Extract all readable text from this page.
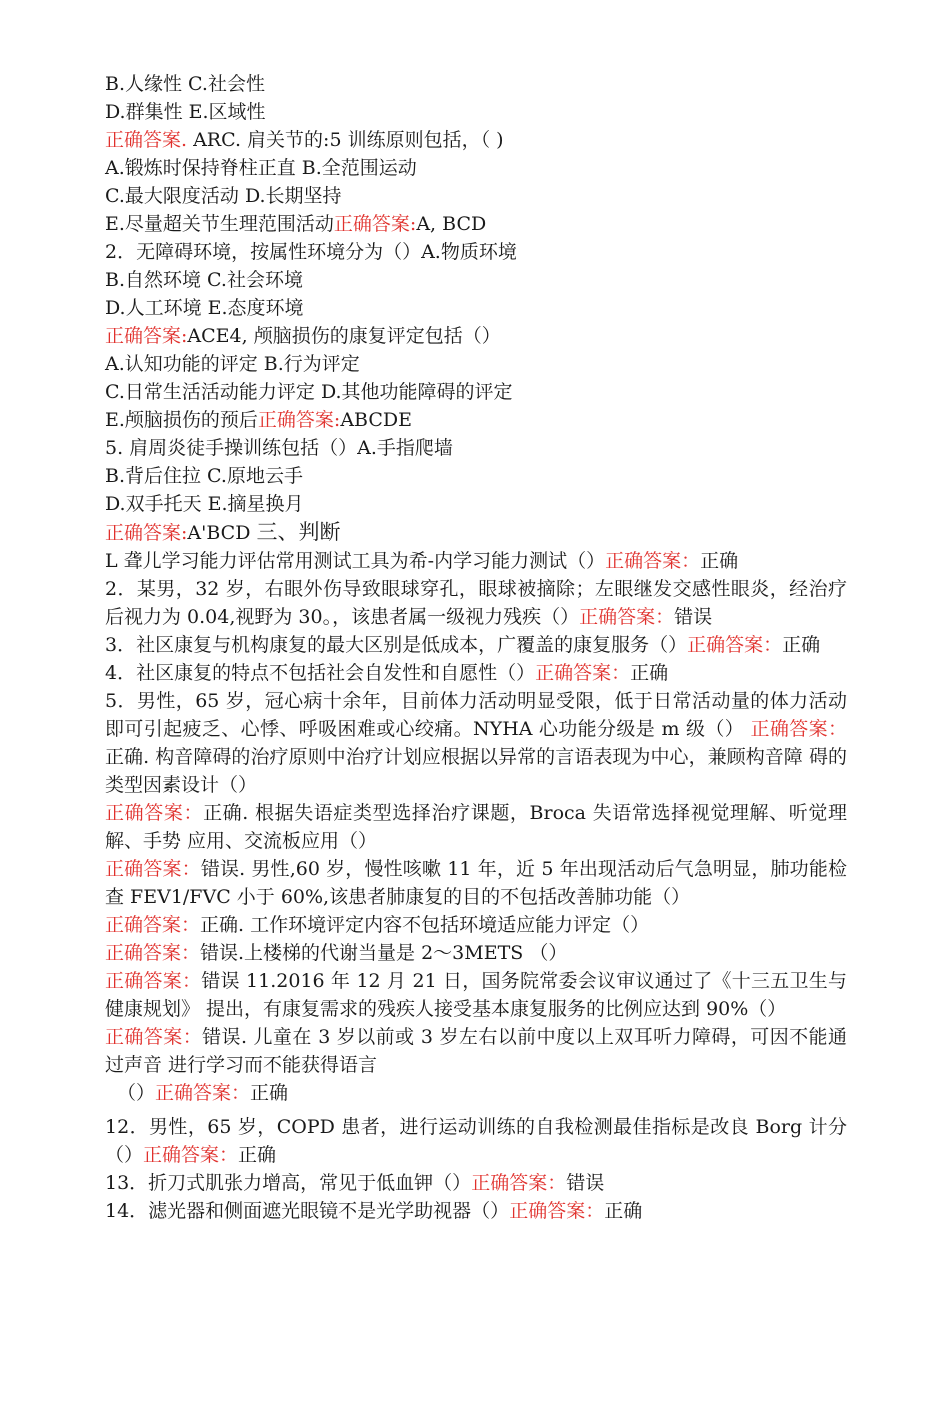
B.人缘性 C.社会性
D.群集性 E.区域性
正确答案. ARC. 肩关节的:5 训练原则包括，（ )
A.锻炼时保持脊柱正直 B.全范围运动
C.最大限度活动 D.长期坚持
E.尽量超关节生理范围活动正确答案:A, BCD
2．无障碍环境，按属性环境分为（）A.物质环境
B.自然环境 C.社会环境
D.人工环境 E.态度环境
正确答案:ACE4, 颅脑损伤的康复评定包括（）
A.认知功能的评定 B.行为评定
C.日常生活活动能力评定 D.其他功能障碍的评定
E.颅脑损伤的预后正确答案:ABCDE
5. 肩周炎徒手操训练包括（）A.手指爬墙
B.背后住拉 C.原地云手
D.双手托天 E.摘星换月
正确答案:A'BCD 三、判断
L 聋儿学习能力评估常用测试工具为希-内学习能力测试（）正确答案：正确
2．某男，32 岁，右眼外伤导致眼球穿孔，眼球被摘除；左眼继发交感性眼炎，经治疗后视力为 0.04,视野为 30。，该患者属一级视力残疾（）正确答案：错误
3．社区康复与机构康复的最大区别是低成本，广覆盖的康复服务（）正确答案：正确
4．社区康复的特点不包括社会自发性和自愿性（）正确答案：正确
5．男性，65 岁，冠心病十余年，目前体力活动明显受限，低于日常活动量的体力活动即可引起疲乏、心悸、呼吸困难或心绞痛。NYHA 心功能分级是 m 级（） 正确答案：正确. 构音障碍的治疗原则中治疗计划应根据以异常的言语表现为中心，兼顾构音障 碍的类型因素设计（）
正确答案：正确. 根据失语症类型选择治疗课题，Broca 失语常选择视觉理解、听觉理解、手势 应用、交流板应用（）
正确答案：错误. 男性,60 岁，慢性咳嗽 11 年，近 5 年出现活动后气急明显，肺功能检查 FEV1/FVC 小于 60%,该患者肺康复的目的不包括改善肺功能（）
正确答案：正确. 工作环境评定内容不包括环境适应能力评定（）
正确答案：错误.上楼梯的代谢当量是 2〜3METS （）
正确答案：错误 11.2016 年 12 月 21 日，国务院常委会议审议通过了《十三五卫生与健康规划》 提出，有康复需求的残疾人接受基本康复服务的比例应达到 90%（）
正确答案：错误. 儿童在 3 岁以前或 3 岁左右以前中度以上双耳听力障碍，可因不能通过声音 进行学习而不能获得语言
（）正确答案：正确
12．男性，65 岁，COPD 患者，进行运动训练的自我检测最佳指标是改良 Borg 计分（）正确答案：正确
13．折刀式肌张力增高，常见于低血钾（）正确答案：错误
14．滤光器和侧面遮光眼镜不是光学助视器（）正确答案：正确
